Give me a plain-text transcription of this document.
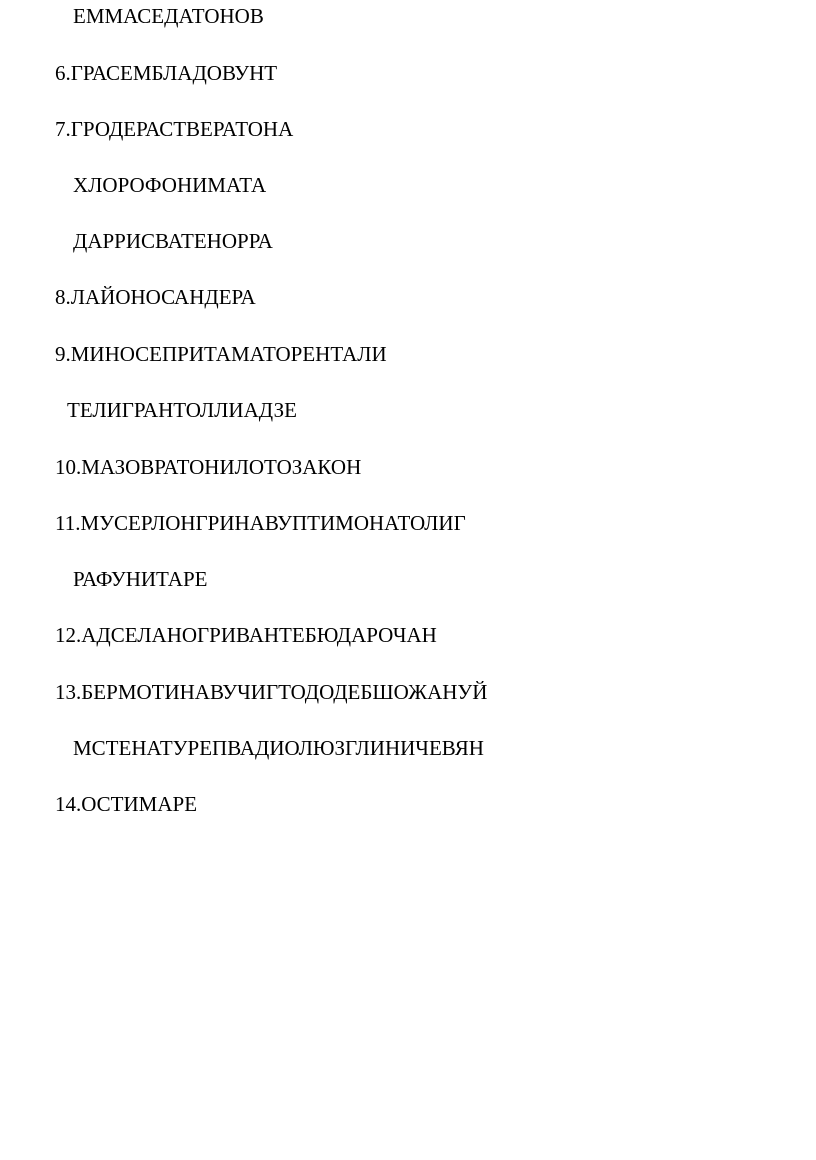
ЕММАСЕДАТОНОВ
6.ГРАСЕМБЛАДОВУНТ
7.ГРОДЕРАСТВЕРАТОНА
ХЛОРОФОНИМАТА
ДАРРИСВАТЕНОРРА
8.ЛАЙОНОСАНДЕРА
9.МИНОСЕПРИТАМАТОРЕНТАЛИ
ТЕЛИГРАНТОЛЛИАДЗЕ
10.МАЗОВРАТОНИЛОТОЗАКОН
11.МУСЕРЛОНГРИНАВУПТИМОНАТОЛИГ
РАФУНИТАРЕ
12.АДСЕЛАНОГРИВАНТЕБЮДАРОЧАН
13.БЕРМОТИНАВУЧИГТОДОДЕБШОЖАНУЙ
МСТЕНАТУРЕПВАДИОЛЮЗГЛИНИЧЕВЯН
14.ОСТИМАРЕ
